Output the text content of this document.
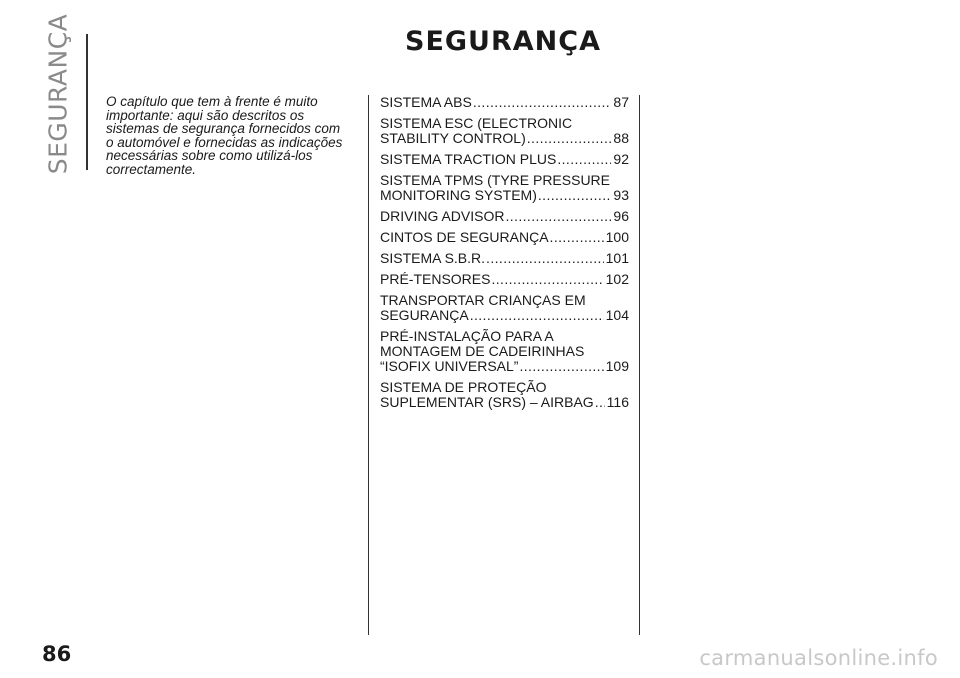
SEGURANÇA	SEGURANÇA
O capítulo que tem à frente é muito
importante: aqui são descritos os
sistemas de segurança fornecidos com
o automóvel e fornecidas as indicações
necessárias sobre como utilizá-los
correctamente.
SISTEMA ABS .....	87
SISTEMA ESC (ELECTRONIC
STABILITY CONTROL) .....	88
SISTEMA TRACTION PLUS .....	92
SISTEMA TPMS (TYRE PRESSURE
MONITORING SYSTEM) .....	93
DRIVING ADVISOR .....	96
CINTOS DE SEGURANÇA .....	100
SISTEMA S.B.R. .....	101
PRÉ-TENSORES .....	102
TRANSPORTAR CRIANÇAS EM
SEGURANÇA .....	104
PRÉ-INSTALAÇÃO PARA A
MONTAGEM DE CADEIRINHAS
“ISOFIX UNIVERSAL” .....	109
SISTEMA DE PROTEÇÃO
SUPLEMENTAR (SRS) – AIRBAG ..... 116
86	carmanualsonline.info
